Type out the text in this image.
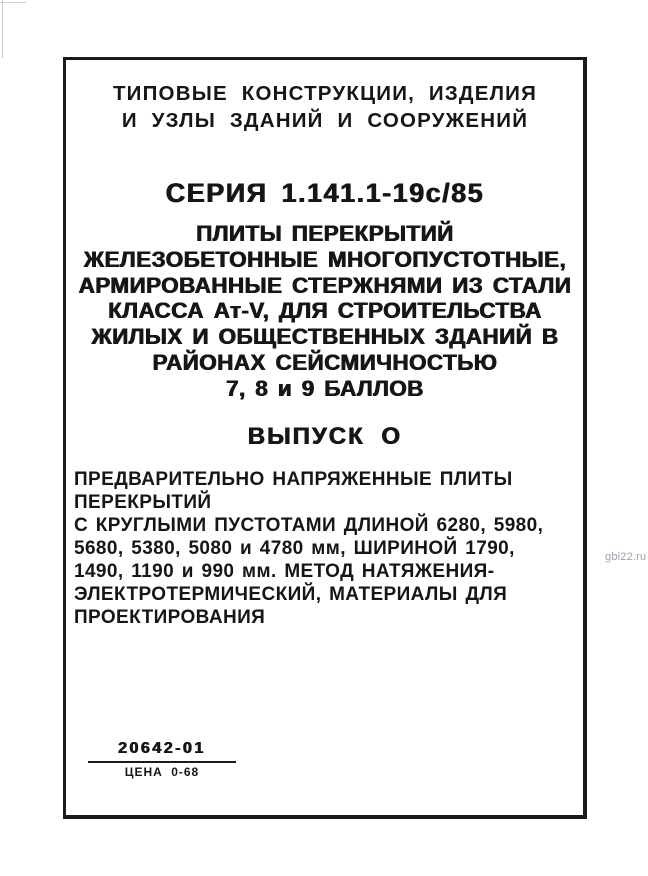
ТИПОВЫЕ КОНСТРУКЦИИ, ИЗДЕЛИЯ
И УЗЛЫ ЗДАНИЙ И СООРУЖЕНИЙ
СЕРИЯ 1.141.1-19с/85
ПЛИТЫ ПЕРЕКРЫТИЙ
ЖЕЛЕЗОБЕТОННЫЕ МНОГОПУСТОТНЫЕ,
АРМИРОВАННЫЕ СТЕРЖНЯМИ ИЗ СТАЛИ
КЛАССА Ат-V, ДЛЯ СТРОИТЕЛЬСТВА
ЖИЛЫХ И ОБЩЕСТВЕННЫХ ЗДАНИЙ В
РАЙОНАХ СЕЙСМИЧНОСТЬЮ
7, 8 и 9 БАЛЛОВ
ВЫПУСК О
ПРЕДВАРИТЕЛЬНО НАПРЯЖЕННЫЕ ПЛИТЫ ПЕРЕКРЫТИЙ
С КРУГЛЫМИ ПУСТОТАМИ ДЛИНОЙ 6280, 5980,
5680, 5380, 5080 и 4780 мм, ШИРИНОЙ 1790,
1490, 1190 и 990 мм. МЕТОД НАТЯЖЕНИЯ-
ЭЛЕКТРОТЕРМИЧЕСКИЙ, МАТЕРИАЛЫ ДЛЯ
ПРОЕКТИРОВАНИЯ
20642-01
ЦЕНА 0-68
gbi22.ru
